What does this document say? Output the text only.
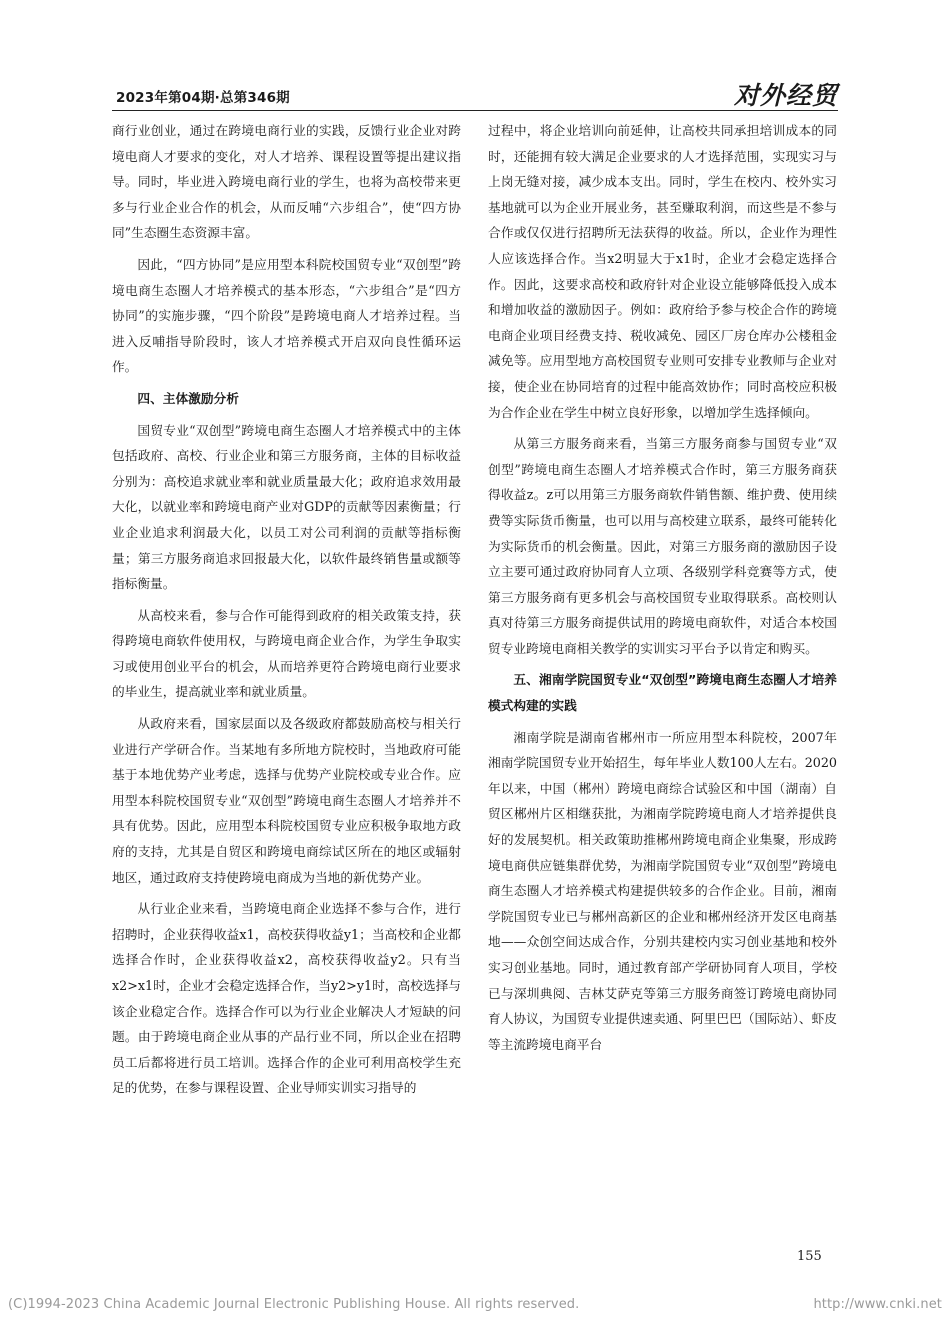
2023年第04期·总第346期	对外经贸

商行业创业，通过在跨境电商行业的实践，反馈行业企业对跨境电商人才要求的变化，对人才培养、课程设置等提出建议指导。同时，毕业进入跨境电商行业的学生，也将为高校带来更多与行业企业合作的机会，从而反哺“六步组合”，使“四方协同”生态圈生态资源丰富。

因此，“四方协同”是应用型本科院校国贸专业“双创型”跨境电商生态圈人才培养模式的基本形态，“六步组合”是“四方协同”的实施步骤，“四个阶段”是跨境电商人才培养过程。当进入反哺指导阶段时，该人才培养模式开启双向良性循环运作。

四、主体激励分析

国贸专业“双创型”跨境电商生态圈人才培养模式中的主体包括政府、高校、行业企业和第三方服务商，主体的目标收益分别为：高校追求就业率和就业质量最大化；政府追求效用最大化，以就业率和跨境电商产业对GDP的贡献等因素衡量；行业企业追求利润最大化，以员工对公司利润的贡献等指标衡量；第三方服务商追求回报最大化，以软件最终销售量或额等指标衡量。

从高校来看，参与合作可能得到政府的相关政策支持，获得跨境电商软件使用权，与跨境电商企业合作，为学生争取实习或使用创业平台的机会，从而培养更符合跨境电商行业要求的毕业生，提高就业率和就业质量。

从政府来看，国家层面以及各级政府都鼓励高校与相关行业进行产学研合作。当某地有多所地方院校时，当地政府可能基于本地优势产业考虑，选择与优势产业院校或专业合作。应用型本科院校国贸专业“双创型”跨境电商生态圈人才培养并不具有优势。因此，应用型本科院校国贸专业应积极争取地方政府的支持，尤其是自贸区和跨境电商综试区所在的地区或辐射地区，通过政府支持使跨境电商成为当地的新优势产业。

从行业企业来看，当跨境电商企业选择不参与合作，进行招聘时，企业获得收益x1，高校获得收益y1；当高校和企业都选择合作时，企业获得收益x2，高校获得收益y2。只有当x2>x1时，企业才会稳定选择合作，当y2>y1时，高校选择与该企业稳定合作。选择合作可以为行业企业解决人才短缺的问题。由于跨境电商企业从事的产品行业不同，所以企业在招聘员工后都将进行员工培训。选择合作的企业可利用高校学生充足的优势，在参与课程设置、企业导师实训实习指导的

过程中，将企业培训向前延伸，让高校共同承担培训成本的同时，还能拥有较大满足企业要求的人才选择范围，实现实习与上岗无缝对接，减少成本支出。同时，学生在校内、校外实习基地就可以为企业开展业务，甚至赚取利润，而这些是不参与合作或仅仅进行招聘所无法获得的收益。所以，企业作为理性人应该选择合作。当x2明显大于x1时，企业才会稳定选择合作。因此，这要求高校和政府针对企业设立能够降低投入成本和增加收益的激励因子。例如：政府给予参与校企合作的跨境电商企业项目经费支持、税收减免、园区厂房仓库办公楼租金减免等。应用型地方高校国贸专业则可安排专业教师与企业对接，使企业在协同培育的过程中能高效协作；同时高校应积极为合作企业在学生中树立良好形象，以增加学生选择倾向。

从第三方服务商来看，当第三方服务商参与国贸专业“双创型”跨境电商生态圈人才培养模式合作时，第三方服务商获得收益z。z可以用第三方服务商软件销售额、维护费、使用续费等实际货币衡量，也可以用与高校建立联系，最终可能转化为实际货币的机会衡量。因此，对第三方服务商的激励因子设立主要可通过政府协同育人立项、各级别学科竞赛等方式，使第三方服务商有更多机会与高校国贸专业取得联系。高校则认真对待第三方服务商提供试用的跨境电商软件，对适合本校国贸专业跨境电商相关教学的实训实习平台予以肯定和购买。

五、湘南学院国贸专业“双创型”跨境电商生态圈人才培养模式构建的实践

湘南学院是湖南省郴州市一所应用型本科院校，2007年湘南学院国贸专业开始招生，每年毕业人数100人左右。2020年以来，中国（郴州）跨境电商综合试验区和中国（湖南）自贸区郴州片区相继获批，为湘南学院跨境电商人才培养提供良好的发展契机。相关政策助推郴州跨境电商企业集聚，形成跨境电商供应链集群优势，为湘南学院国贸专业“双创型”跨境电商生态圈人才培养模式构建提供较多的合作企业。目前，湘南学院国贸专业已与郴州高新区的企业和郴州经济开发区电商基地——众创空间达成合作，分别共建校内实习创业基地和校外实习创业基地。同时，通过教育部产学研协同育人项目，学校已与深圳典阅、吉林艾萨克等第三方服务商签订跨境电商协同育人协议，为国贸专业提供速卖通、阿里巴巴（国际站）、虾皮等主流跨境电商平台

155
(C)1994-2023 China Academic Journal Electronic Publishing House. All rights reserved.	http://www.cnki.net
